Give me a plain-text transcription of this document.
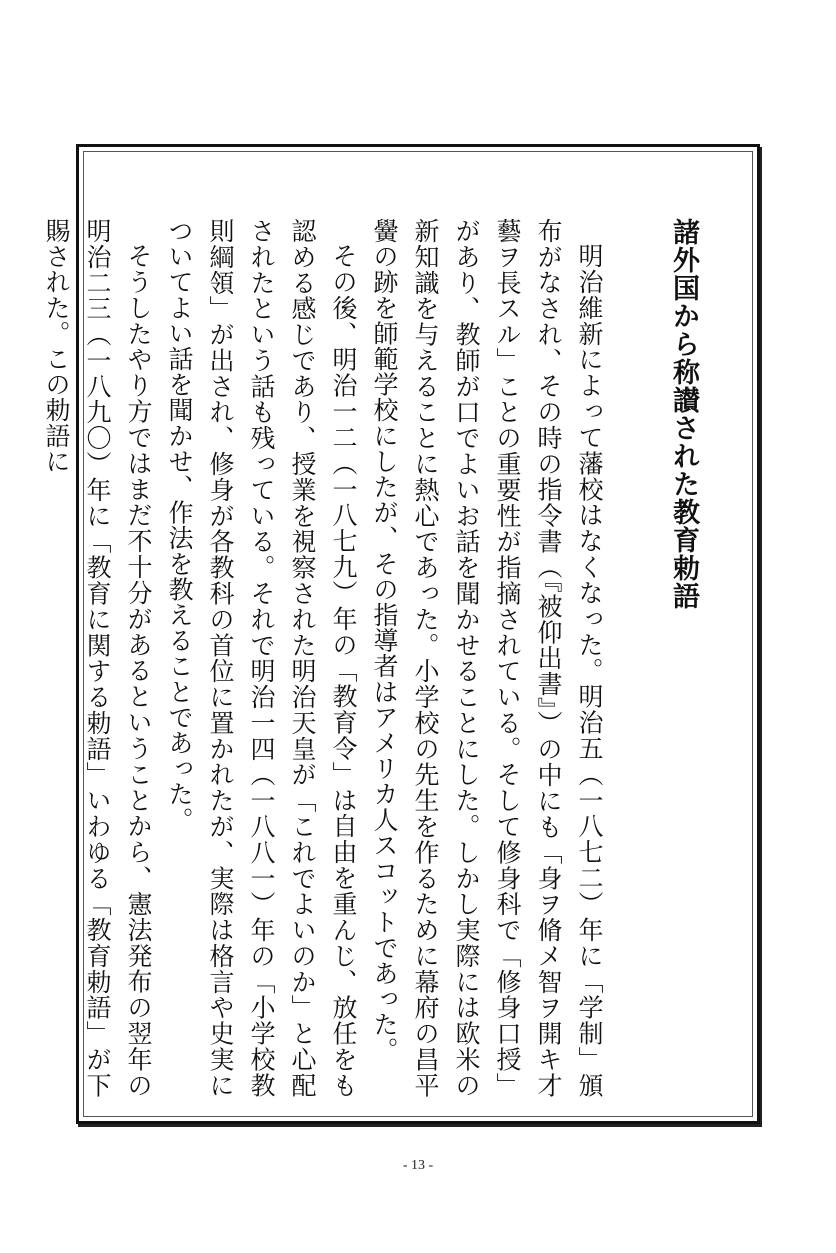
諸外国から称讃された教育勅語

明治維新によって藩校はなくなった。明治五（一八七二）年に「学制」頒布がなされ、その時の指令書（『被仰出書』）の中にも「身ヲ脩メ智ヲ開キ才藝ヲ長スル」ことの重要性が指摘されている。そして修身科で「修身口授」があり、教師が口でよいお話を聞かせることにした。しかし実際には欧米の新知識を与えることに熱心であった。小学校の先生を作るために幕府の昌平黌の跡を師範学校にしたが、その指導者はアメリカ人スコットであった。

その後、明治一二（一八七九）年の「教育令」は自由を重んじ、放任をも認める感じであり、授業を視察された明治天皇が「これでよいのか」と心配されたという話も残っている。それで明治一四（一八八一）年の「小学校教則綱領」が出され、修身が各教科の首位に置かれたが、実際は格言や史実についてよい話を聞かせ、作法を教えることであった。

そうしたやり方ではまだ不十分があるということから、憲法発布の翌年の明治二三（一八九〇）年に「教育に関する勅語」いわゆる「教育勅語」が下賜された。この勅語に

- 13 -
